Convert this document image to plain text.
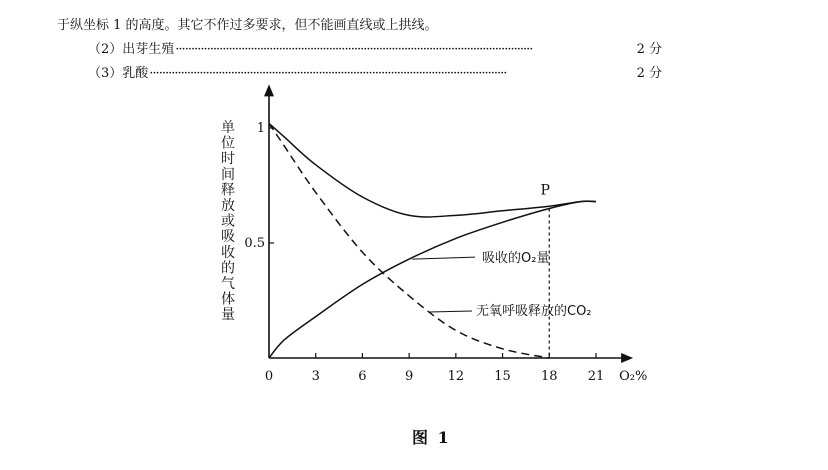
于纵坐标 1 的高度。其它不作过多要求，但不能画直线或上拱线。
（2） 出芽生殖 ··················································································································	2 分
（3） 乳酸 ··················································································································	2 分
0	3	6	9	12 15 18 21 O₂%
0.5
1
单
位
时
间
释
放
或
吸
收
的
气
体
量
P
吸收的O₂量
无氧呼吸释放的CO₂
图 1
